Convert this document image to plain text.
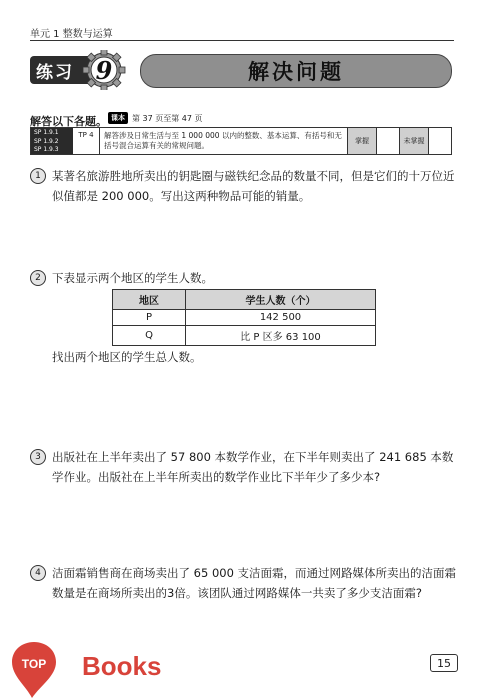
单元 1 整数与运算
解决问题
练习 9
解答以下各题。 课本 第 37 页至第 47 页
SP 1.9.1
SP 1.9.2
SP 1.9.3
TP 4	解答涉及日常生活与至 1 000 000 以内的整数、基本运算、有括号和无括号混合运算有关的常规问题。	掌握	未掌握
1 某著名旅游胜地所卖出的钥匙圈与磁铁纪念品的数量不同，但是它们的十万位近似值都是 200 000。写出这两种物品可能的销量。
2 下表显示两个地区的学生人数。
地区	学生人数（个）
P	142 500
Q	比 P 区多 63 100
找出两个地区的学生总人数。
3 出版社在上半年卖出了 57 800 本数学作业，在下半年则卖出了 241 685 本数学作业。出版社在上半年所卖出的数学作业比下半年少了多少本?
4 洁面霜销售商在商场卖出了 65 000 支洁面霜，而通过网路媒体所卖出的洁面霜数量是在商场所卖出的3倍。该团队通过网路媒体一共卖了多少支洁面霜?
TOP Books	15
